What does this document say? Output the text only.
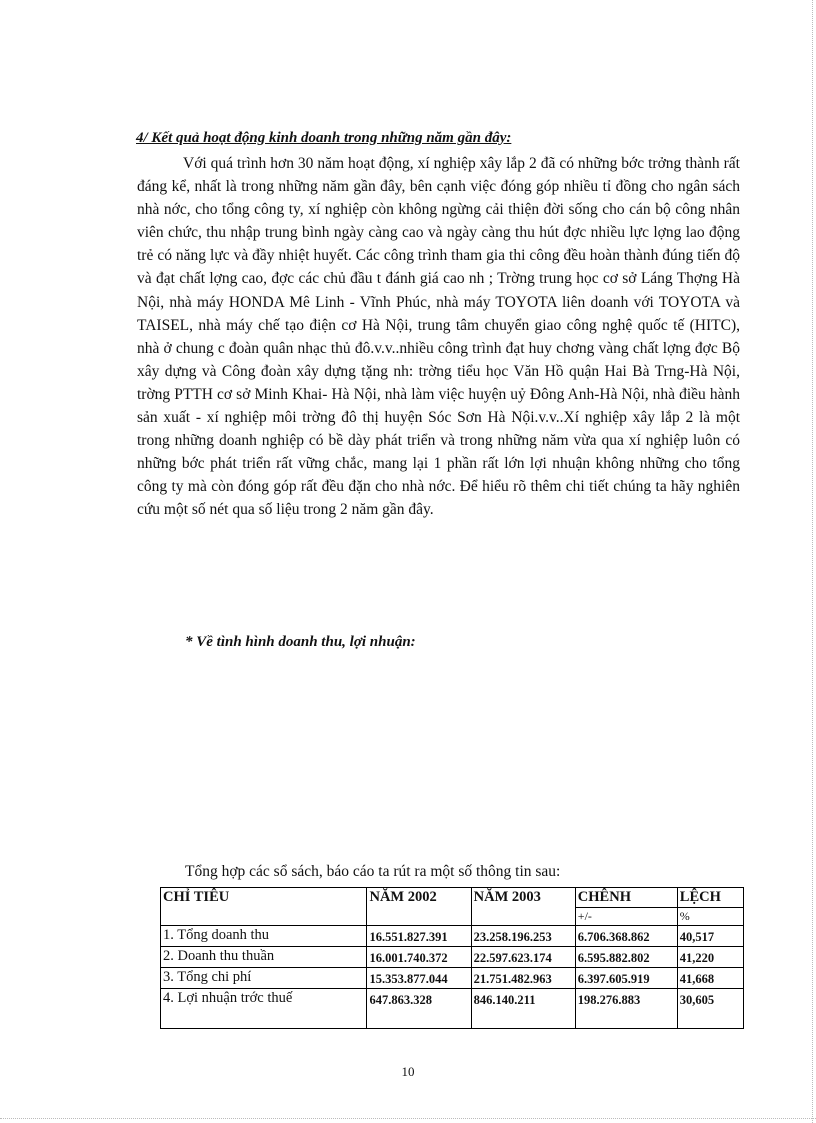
4/ Kết quả hoạt động kinh doanh trong những năm gần đây:

Với quá trình hơn 30 năm hoạt động, xí nghiệp xây lắp 2 đã có những bớc trởng thành rất đáng kể, nhất là trong những năm gần đây, bên cạnh việc đóng góp nhiều tỉ đồng cho ngân sách nhà nớc, cho tổng công ty, xí nghiệp còn không ngừng cải thiện đời sống cho cán bộ công nhân viên chức, thu nhập trung bình ngày càng cao và ngày càng thu hút đợc nhiều lực lợng lao động trẻ có năng lực và đầy nhiệt huyết. Các công trình tham gia thi công đều hoàn thành đúng tiến độ và đạt chất lợng cao, đợc các chủ đầu t đánh giá cao nh ; Trờng trung học cơ sở Láng Thợng Hà Nội, nhà máy HONDA Mê Linh - Vĩnh Phúc, nhà máy TOYOTA liên doanh với TOYOTA và TAISEL, nhà máy chế tạo điện cơ Hà Nội, trung tâm chuyển giao công nghệ quốc tế (HITC), nhà ở chung c đoàn quân nhạc thủ đô.v.v..nhiều công trình đạt huy chơng vàng chất lợng đợc Bộ xây dựng và Công đoàn xây dựng tặng nh: trờng tiểu học Văn Hồ quận Hai Bà Trng-Hà Nội, trờng PTTH cơ sở Minh Khai- Hà Nội, nhà làm việc huyện uỷ Đông Anh-Hà Nội, nhà điều hành sản xuất - xí nghiệp môi trờng đô thị huyện Sóc Sơn Hà Nội.v.v..Xí nghiệp xây lắp 2 là một trong những doanh nghiệp có bề dày phát triển và trong những năm vừa qua xí nghiệp luôn có những bớc phát triển rất vững chắc, mang lại 1 phần rất lớn lợi nhuận không những cho tổng công ty mà còn đóng góp rất đều đặn cho nhà nớc. Để hiểu rõ thêm chi tiết chúng ta hãy nghiên cứu một số nét qua số liệu trong 2 năm gần đây.

* Về tình hình doanh thu, lợi nhuận:
Tổng hợp các sổ sách, báo cáo ta rút ra một số thông tin sau:
CHỈ TIÊU	NĂM 2002	NĂM 2003	CHÊNH	LỆCH
			+/-	%
1. Tổng doanh thu	16.551.827.391	23.258.196.253	6.706.368.862	40,517
2. Doanh thu thuần	16.001.740.372	22.597.623.174	6.595.882.802	41,220
3. Tổng chi phí	15.353.877.044	21.751.482.963	6.397.605.919	41,668
4. Lợi nhuận trớc thuế	647.863.328	846.140.211	198.276.883	30,605
10
